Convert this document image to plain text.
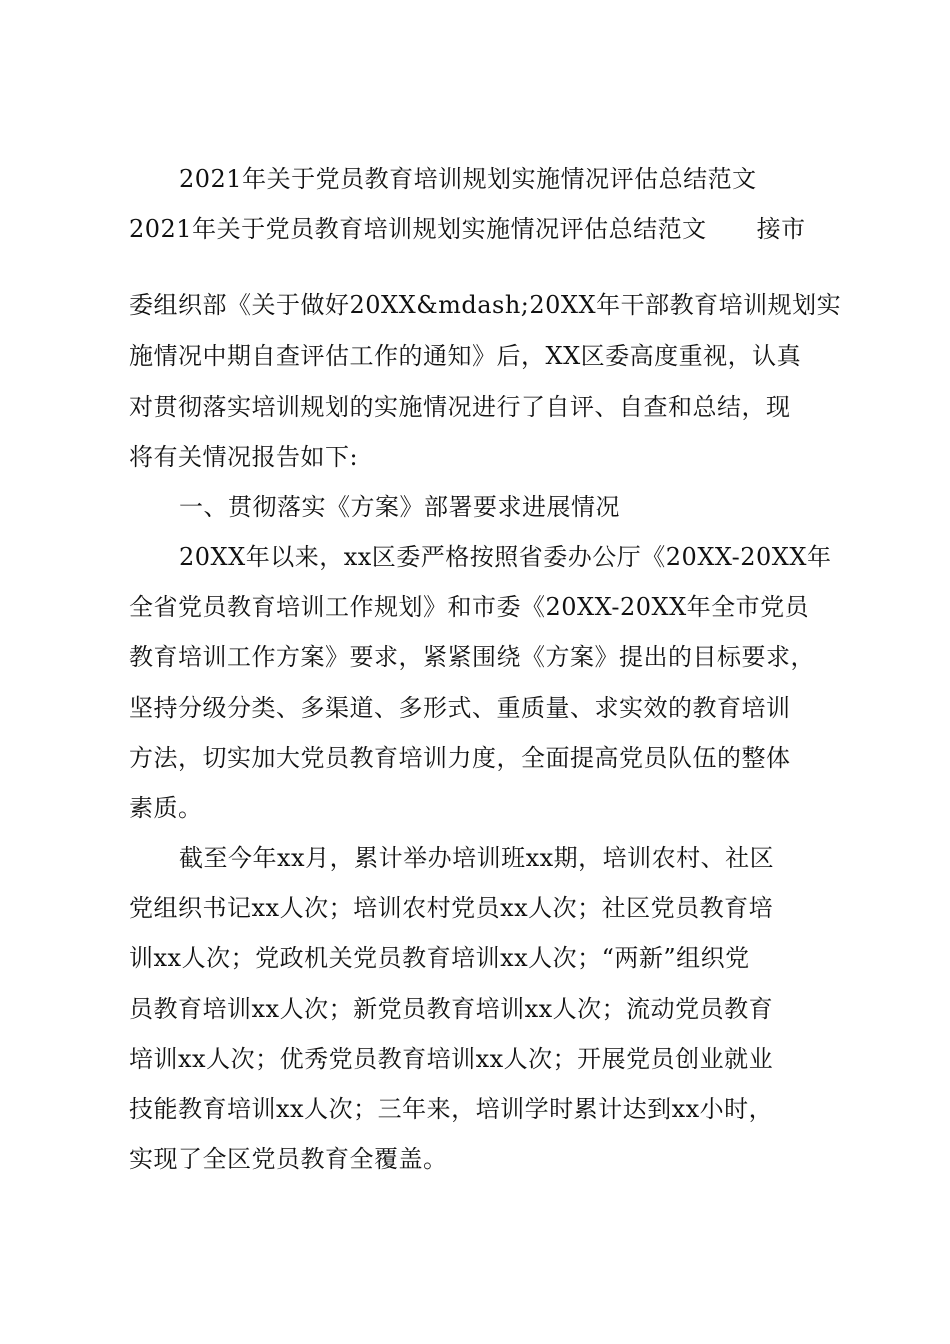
2021年关于党员教育培训规划实施情况评估总结范文
2021年关于党员教育培训规划实施情况评估总结范文 接市
委组织部《关于做好20XX&mdash;20XX年干部教育培训规划实
施情况中期自查评估工作的通知》后，XX区委高度重视，认真
对贯彻落实培训规划的实施情况进行了自评、自查和总结，现
将有关情况报告如下:
一、贯彻落实《方案》部署要求进展情况
20XX年以来，xx区委严格按照省委办公厅《20XX-20XX年
全省党员教育培训工作规划》和市委《20XX-20XX年全市党员
教育培训工作方案》要求，紧紧围绕《方案》提出的目标要求，
坚持分级分类、多渠道、多形式、重质量、求实效的教育培训
方法，切实加大党员教育培训力度，全面提高党员队伍的整体
素质。
截至今年xx月，累计举办培训班xx期，培训农村、社区
党组织书记xx人次；培训农村党员xx人次；社区党员教育培
训xx人次；党政机关党员教育培训xx人次；“两新”组织党
员教育培训xx人次；新党员教育培训xx人次；流动党员教育
培训xx人次；优秀党员教育培训xx人次；开展党员创业就业
技能教育培训xx人次；三年来，培训学时累计达到xx小时，
实现了全区党员教育全覆盖。
